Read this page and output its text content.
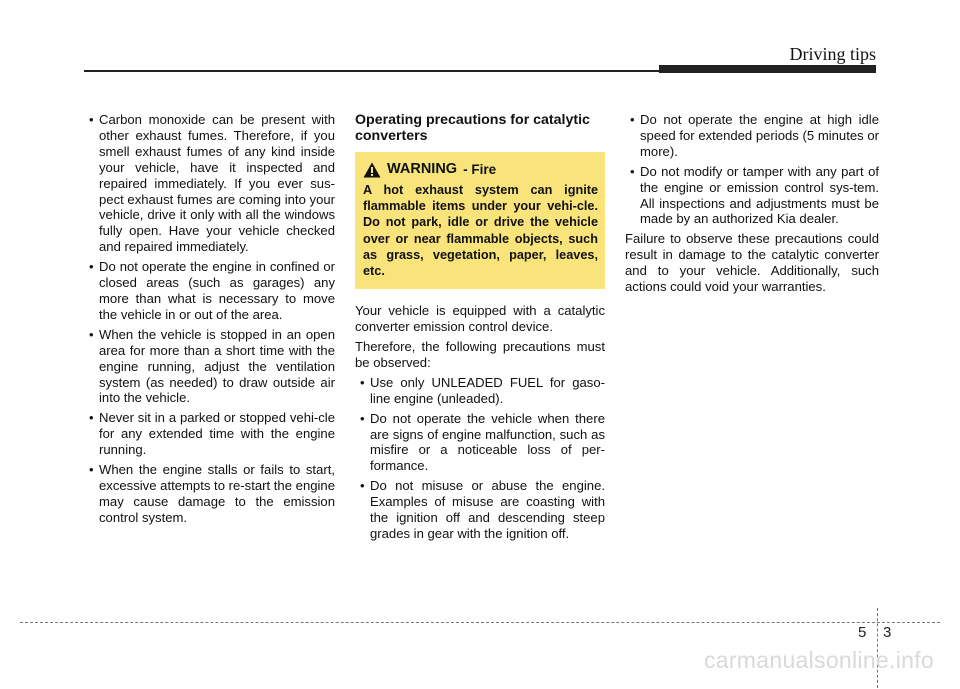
Driving tips
• Carbon monoxide can be present with other exhaust fumes. Therefore, if you smell exhaust fumes of any kind inside your vehicle, have it inspected and repaired immediately. If you ever sus-pect exhaust fumes are coming into your vehicle, drive it only with all the windows fully open. Have your vehicle checked and repaired immediately.
• Do not operate the engine in confined or closed areas (such as garages) any more than what is necessary to move the vehicle in or out of the area.
• When the vehicle is stopped in an open area for more than a short time with the engine running, adjust the ventilation system (as needed) to draw outside air into the vehicle.
• Never sit in a parked or stopped vehi-cle for any extended time with the engine running.
• When the engine stalls or fails to start, excessive attempts to re-start the engine may cause damage to the emission control system.
Operating precautions for catalytic converters
WARNING - Fire
A hot exhaust system can ignite flammable items under your vehi-cle. Do not park, idle or drive the vehicle over or near flammable objects, such as grass, vegetation, paper, leaves, etc.

Your vehicle is equipped with a catalytic converter emission control device.

Therefore, the following precautions must be observed:

• Use only UNLEADED FUEL for gaso-line engine (unleaded).
• Do not operate the vehicle when there are signs of engine malfunction, such as misfire or a noticeable loss of per-formance.
• Do not misuse or abuse the engine. Examples of misuse are coasting with the ignition off and descending steep grades in gear with the ignition off.
• Do not operate the engine at high idle speed for extended periods (5 minutes or more).
• Do not modify or tamper with any part of the engine or emission control sys-tem. All inspections and adjustments must be made by an authorized Kia dealer.

Failure to observe these precautions could result in damage to the catalytic converter and to your vehicle. Additionally, such actions could void your warranties.

5 3
carmanualsonline.info
